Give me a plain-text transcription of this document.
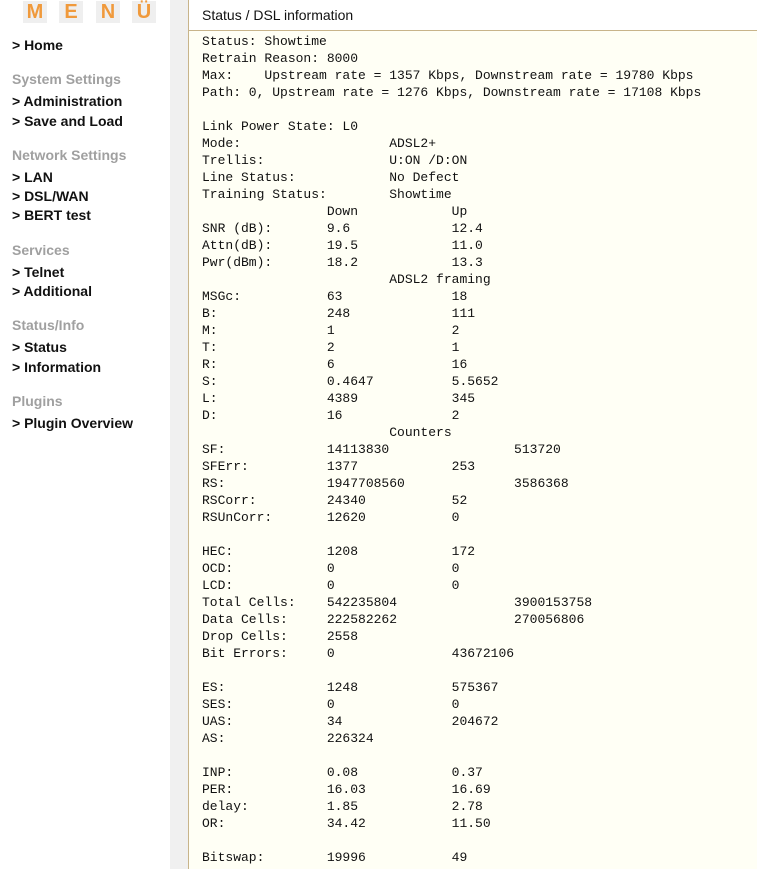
M E N Ü
> Home
System Settings
> Administration
> Save and Load
Network Settings
> LAN
> DSL/WAN
> BERT test
Services
> Telnet
> Additional
Status/Info
> Status
> Information
Plugins
> Plugin Overview
Status / DSL information
Status: Showtime
Retrain Reason: 8000
Max:    Upstream rate = 1357 Kbps, Downstream rate = 19780 Kbps
Path: 0, Upstream rate = 1276 Kbps, Downstream rate = 17108 Kbps

Link Power State: L0
Mode:                   ADSL2+
Trellis:                U:ON /D:ON
Line Status:            No Defect
Training Status:        Showtime
Down            Up
SNR (dB):       9.6             12.4
Attn(dB):       19.5            11.0
Pwr(dBm):       18.2            13.3
ADSL2 framing
MSGc:           63              18
B:              248             111
M:              1               2
T:              2               1
R:              6               16
S:              0.4647          5.5652
L:              4389            345
D:              16              2
Counters
SF:             14113830                513720
SFErr:          1377            253
RS:             1947708560              3586368
RSCorr:         24340           52
RSUnCorr:       12620           0

HEC:            1208            172
OCD:            0               0
LCD:            0               0
Total Cells:    542235804               3900153758
Data Cells:     222582262               270056806
Drop Cells:     2558
Bit Errors:     0               43672106

ES:             1248            575367
SES:            0               0
UAS:            34              204672
AS:             226324

INP:            0.08            0.37
PER:            16.03           16.69
delay:          1.85            2.78
OR:             34.42           11.50

Bitswap:        19996           49
